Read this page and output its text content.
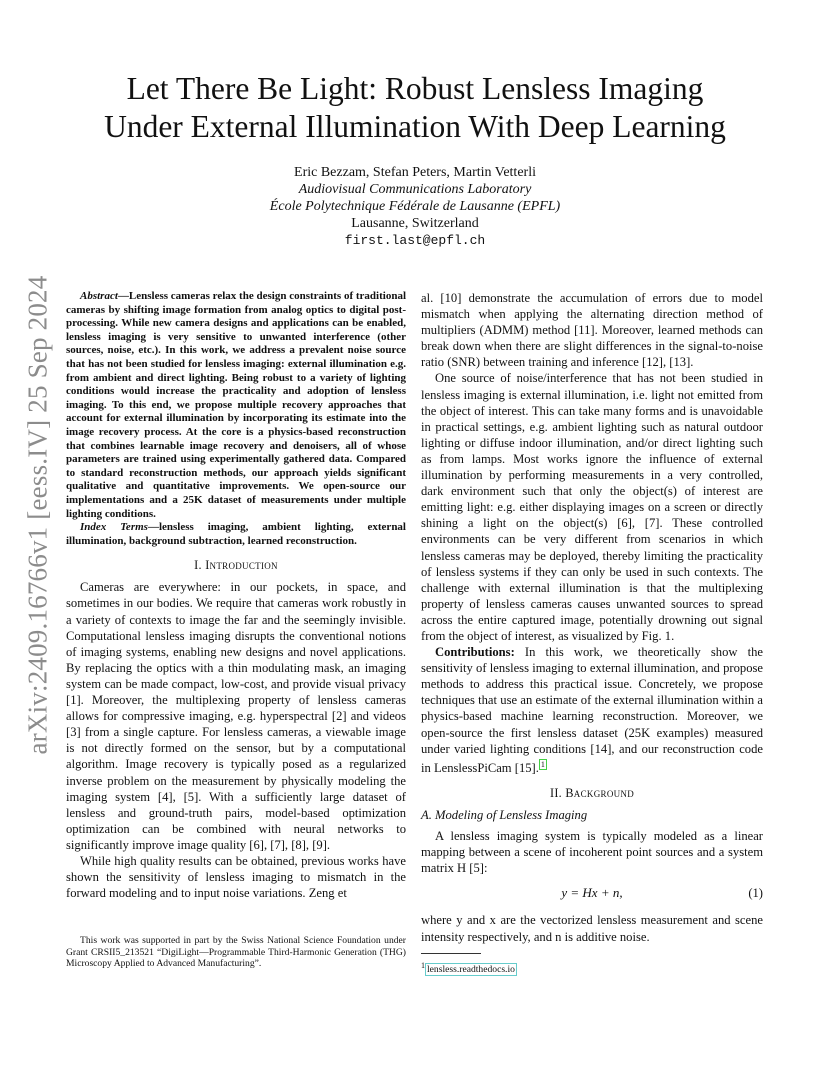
arXiv:2409.16766v1 [eess.IV] 25 Sep 2024
Let There Be Light: Robust Lensless Imaging
Under External Illumination With Deep Learning
Eric Bezzam, Stefan Peters, Martin Vetterli
Audiovisual Communications Laboratory
École Polytechnique Fédérale de Lausanne (EPFL)
Lausanne, Switzerland
first.last@epfl.ch

Abstract—Lensless cameras relax the design constraints of traditional cameras by shifting image formation from analog optics to digital post-processing. While new camera designs and applications can be enabled, lensless imaging is very sensitive to unwanted interference (other sources, noise, etc.). In this work, we address a prevalent noise source that has not been studied for lensless imaging: external illumination e.g. from ambient and direct lighting. Being robust to a variety of lighting conditions would increase the practicality and adoption of lensless imaging. To this end, we propose multiple recovery approaches that account for external illumination by incorporating its estimate into the image recovery process. At the core is a physics-based reconstruction that combines learnable image recovery and denoisers, all of whose parameters are trained using experimentally gathered data. Compared to standard reconstruction methods, our approach yields significant qualitative and quantitative improvements. We open-source our implementations and a 25K dataset of measurements under multiple lighting conditions.

Index Terms—lensless imaging, ambient lighting, external illumination, background subtraction, learned reconstruction.

I. Introduction

Cameras are everywhere: in our pockets, in space, and sometimes in our bodies. We require that cameras work robustly in a variety of contexts to image the far and the seemingly invisible. Computational lensless imaging disrupts the conventional notions of imaging systems, enabling new designs and novel applications. By replacing the optics with a thin modulating mask, an imaging system can be made compact, low-cost, and provide visual privacy [1]. Moreover, the multiplexing property of lensless cameras allows for compressive imaging, e.g. hyperspectral [2] and videos [3] from a single capture. For lensless cameras, a viewable image is not directly formed on the sensor, but by a computational algorithm. Image recovery is typically posed as a regularized inverse problem on the measurement by physically modeling the imaging system [4], [5]. With a sufficiently large dataset of lensless and ground-truth pairs, model-based optimization optimization can be combined with neural networks to significantly improve image quality [6], [7], [8], [9].

While high quality results can be obtained, previous works have shown the sensitivity of lensless imaging to mismatch in the forward modeling and to input noise variations. Zeng et

This work was supported in part by the Swiss National Science Foundation under Grant CRSII5_213521 “DigiLight—Programmable Third-Harmonic Generation (THG) Microscopy Applied to Advanced Manufacturing”.

al. [10] demonstrate the accumulation of errors due to model mismatch when applying the alternating direction method of multipliers (ADMM) method [11]. Moreover, learned methods can break down when there are slight differences in the signal-to-noise ratio (SNR) between training and inference [12], [13].

One source of noise/interference that has not been studied in lensless imaging is external illumination, i.e. light not emitted from the object of interest. This can take many forms and is unavoidable in practical settings, e.g. ambient lighting such as natural outdoor lighting or diffuse indoor illumination, and/or direct lighting such as from lamps. Most works ignore the influence of external illumination by performing measurements in a very controlled, dark environment such that only the object(s) of interest are emitting light: e.g. either displaying images on a screen or directly shining a light on the object(s) [6], [7]. These controlled environments can be very different from scenarios in which lensless cameras may be deployed, thereby limiting the practicality of lensless systems if they can only be used in such contexts. The challenge with external illumination is that the multiplexing property of lensless cameras causes unwanted sources to spread across the entire captured image, potentially drowning out signal from the object of interest, as visualized by Fig. 1.

Contributions: In this work, we theoretically show the sensitivity of lensless imaging to external illumination, and propose methods to address this practical issue. Concretely, we propose techniques that use an estimate of the external illumination within a physics-based machine learning reconstruction. Moreover, we open-source the first lensless dataset (25K examples) measured under varied lighting conditions [14], and our reconstruction code in LenslessPiCam [15]. $^1$

II. Background
A. Modeling of Lensless Imaging

A lensless imaging system is typically modeled as a linear mapping between a scene of incoherent point sources and a system matrix H [5]:

y = Hx + n,	(1)

where y and x are the vectorized lensless measurement and scene intensity respectively, and n is additive noise.

$^1$ lensless.readthedocs.io
